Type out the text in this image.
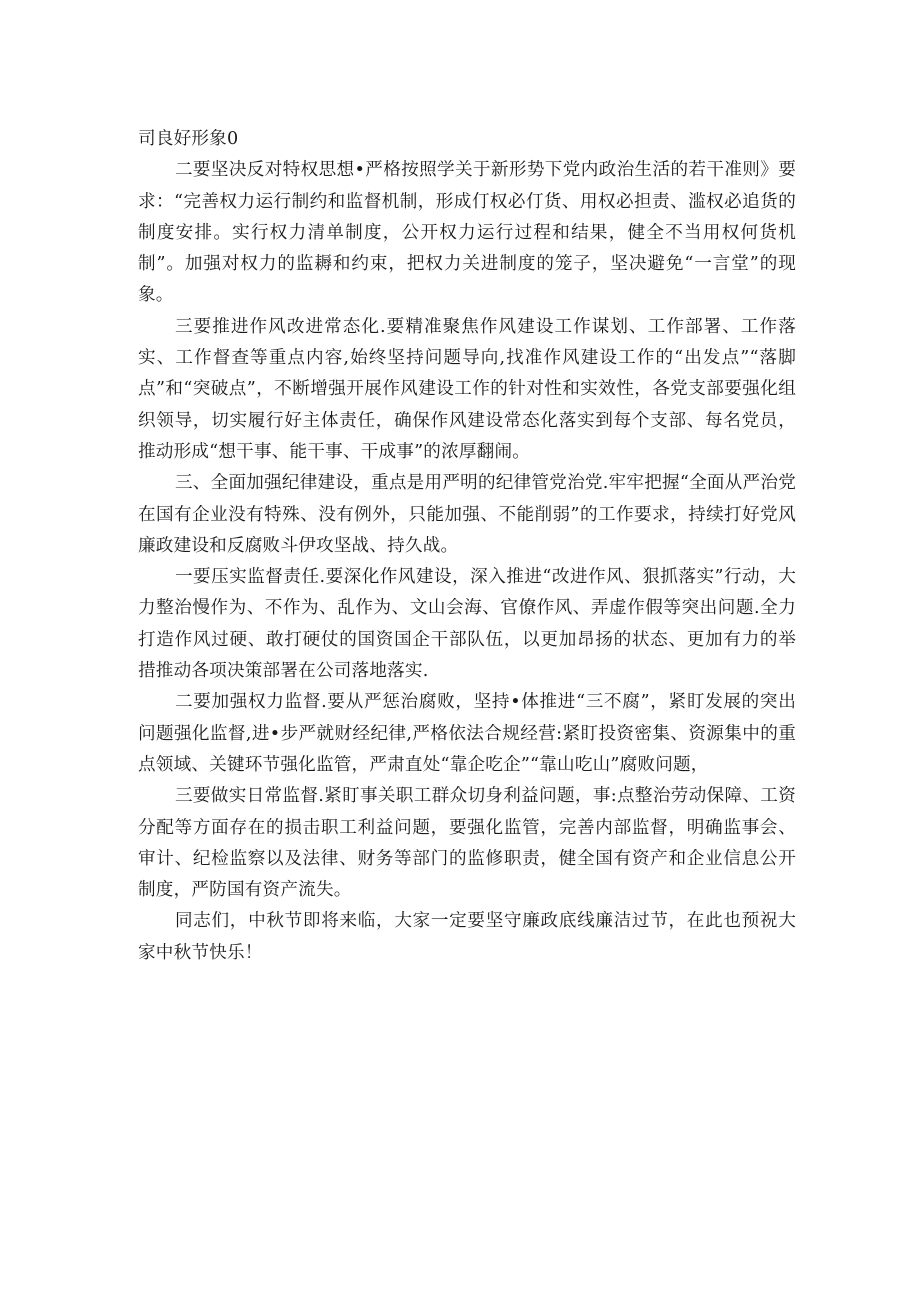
司良好形象0

二要坚决反对特权思想•严格按照学关于新形势下党内政治生活的若干准则》要求：“完善权力运行制约和监督机制，形成仃权必仃货、用权必担责、滥权必追货的制度安排。实行权力清单制度，公开权力运行过程和结果，健全不当用权何货机制”。加强对权力的监耨和约束，把权力关进制度的笼子，坚决避免“一言堂”的现象。

三要推进作风改进常态化.要精准聚焦作风建设工作谋划、工作部署、工作落实、工作督查等重点内容,始终坚持问题导向,找准作风建设工作的“出发点”“落脚点”和“突破点”，不断增强开展作风建设工作的针对性和实效性，各党支部要强化组织领导，切实履行好主体责任，确保作风建设常态化落实到每个支部、每名党员，推动形成“想干事、能干事、干成事”的浓厚翻闹。

三、全面加强纪律建设，重点是用严明的纪律管党治党.牢牢把握“全面从严治党在国有企业没有特殊、没有例外，只能加强、不能削弱”的工作要求，持续打好党风廉政建设和反腐败斗伊攻坚战、持久战。

一要压实监督责任.要深化作风建设，深入推进“改进作风、狠抓落实”行动，大力整治慢作为、不作为、乱作为、文山会海、官僚作风、弄虚作假等突出问题.全力打造作风过硬、敢打硬仗的国资国企干部队伍，以更加昂扬的状态、更加有力的举措推动各项决策部署在公司落地落实.

二要加强权力监督.要从严惩治腐败，坚持•体推进“三不腐”，紧盯发展的突出问题强化监督,进•步严就财经纪律,严格依法合规经营:紧盯投资密集、资源集中的重点领域、关键环节强化监管，严肃直处“靠企吃企”“靠山吃山”腐败问题，

三要做实日常监督.紧盯事关职工群众切身利益问题，事:点整治劳动保障、工资分配等方面存在的损击职工利益问题，要强化监管，完善内部监督，明确监事会、审计、纪检监察以及法律、财务等部门的监修职责，健全国有资产和企业信息公开制度，严防国有资产流失。

同志们，中秋节即将来临，大家一定要坚守廉政底线廉洁过节，在此也预祝大家中秋节快乐！
